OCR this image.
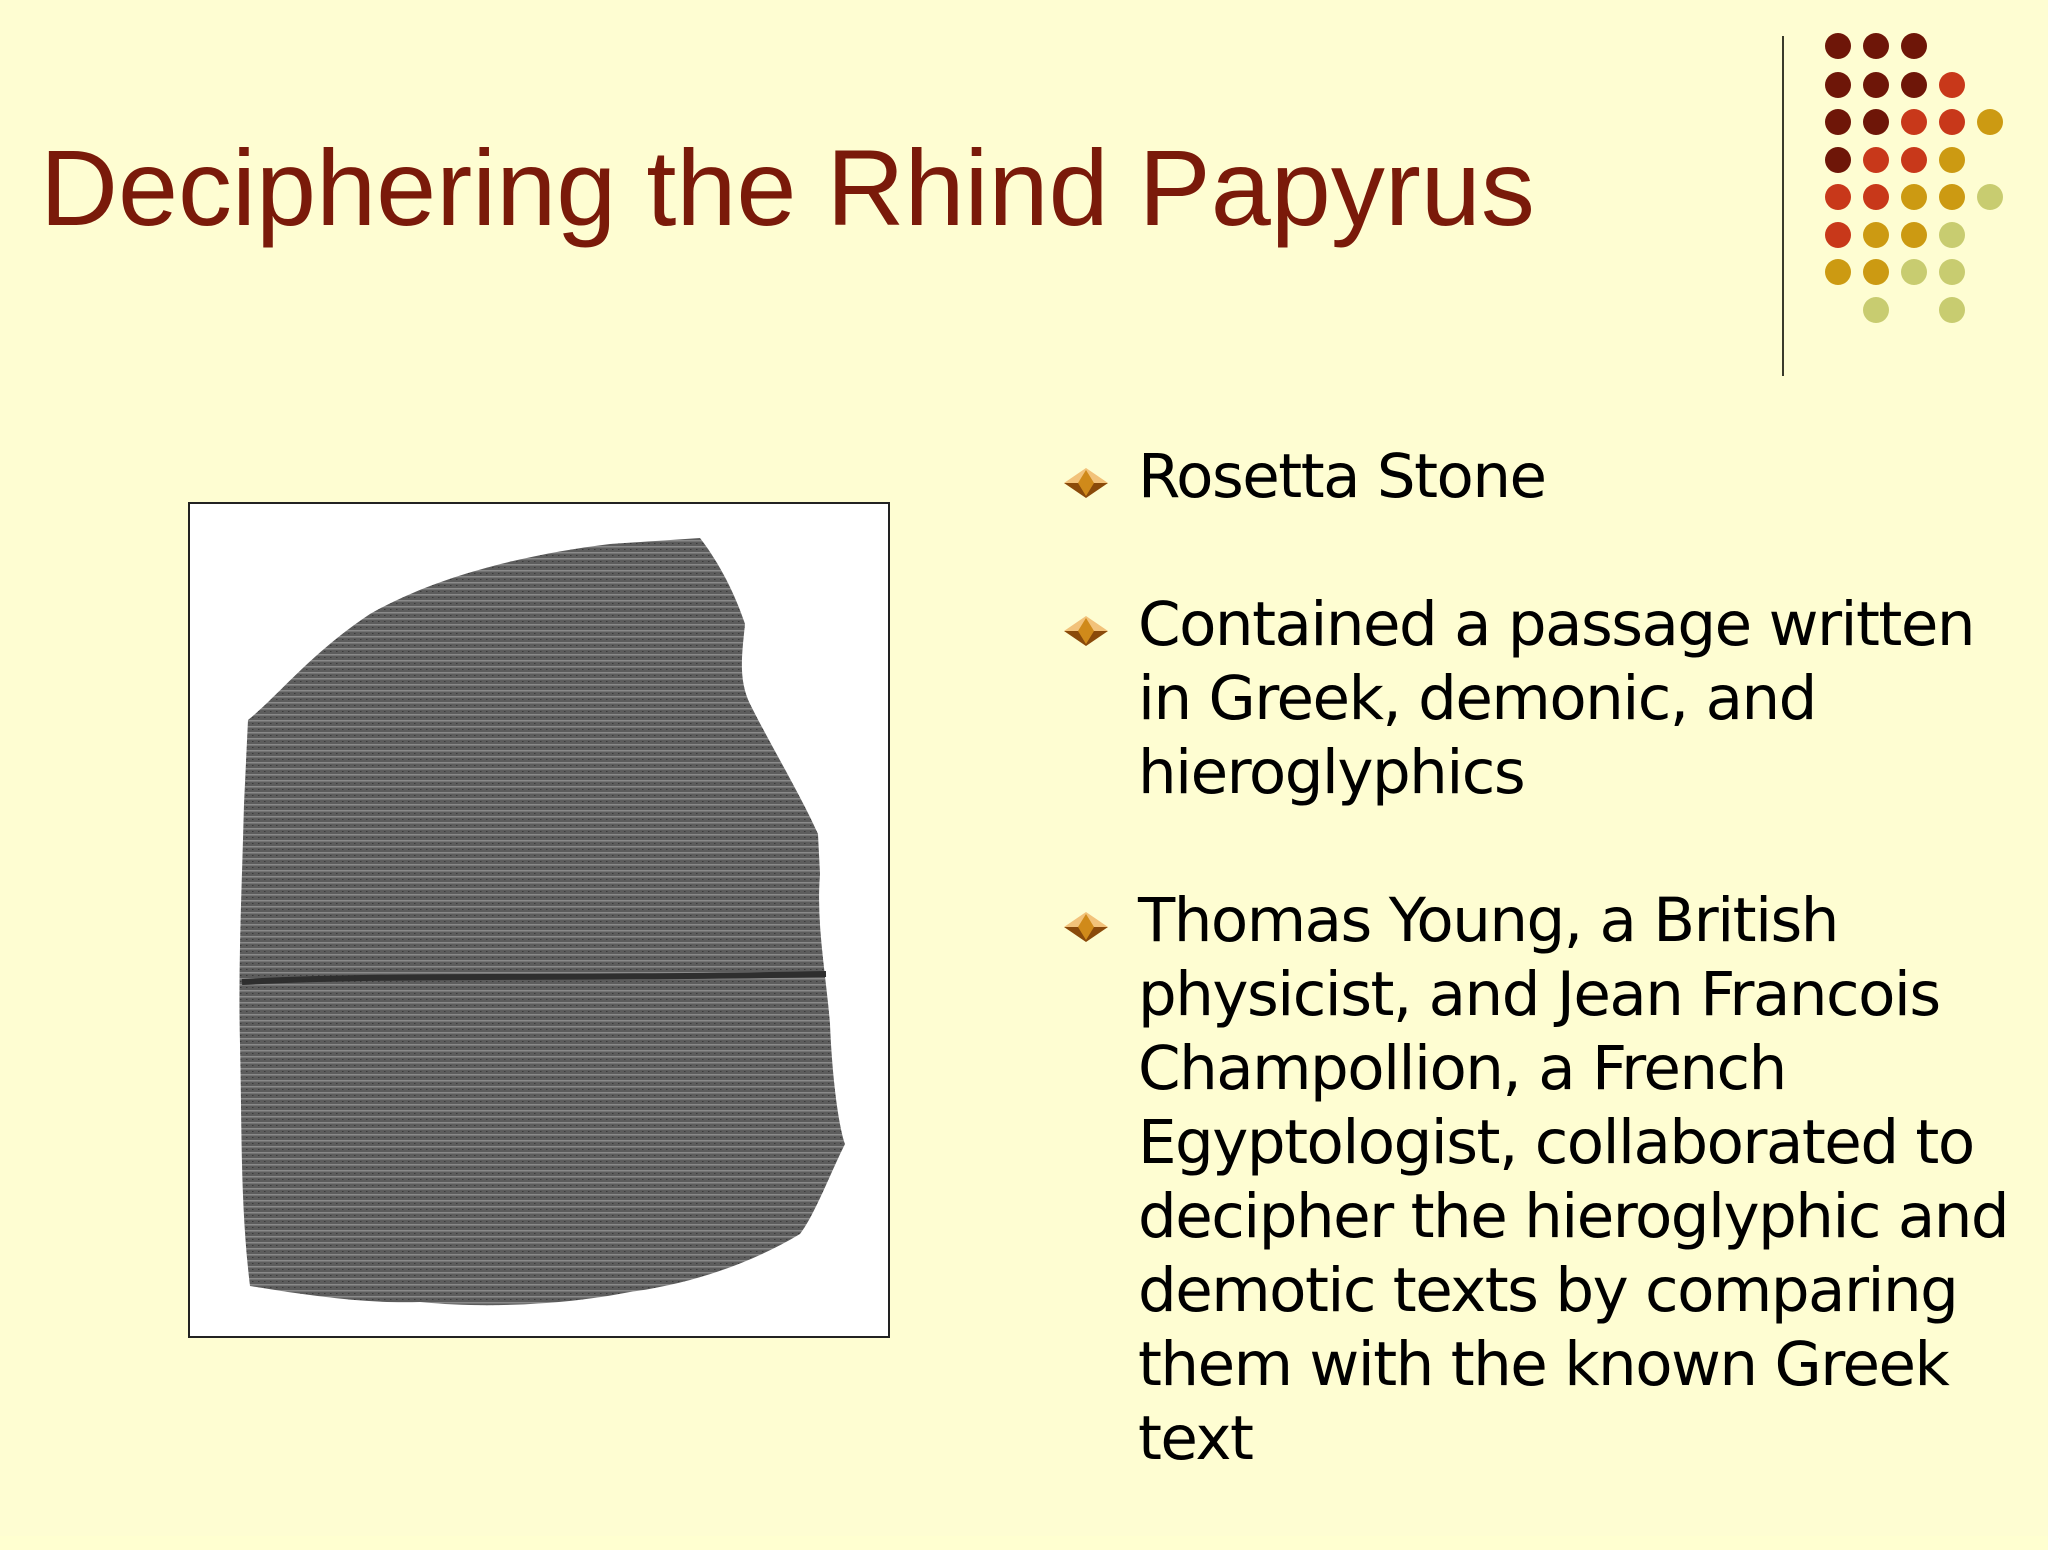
Deciphering the Rhind Papyrus
Rosetta Stone
Contained a passage written in Greek, demonic, and hieroglyphics
Thomas Young, a British physicist, and Jean Francois Champollion, a French Egyptologist, collaborated to decipher the hieroglyphic and demotic texts by comparing them with the known Greek text
